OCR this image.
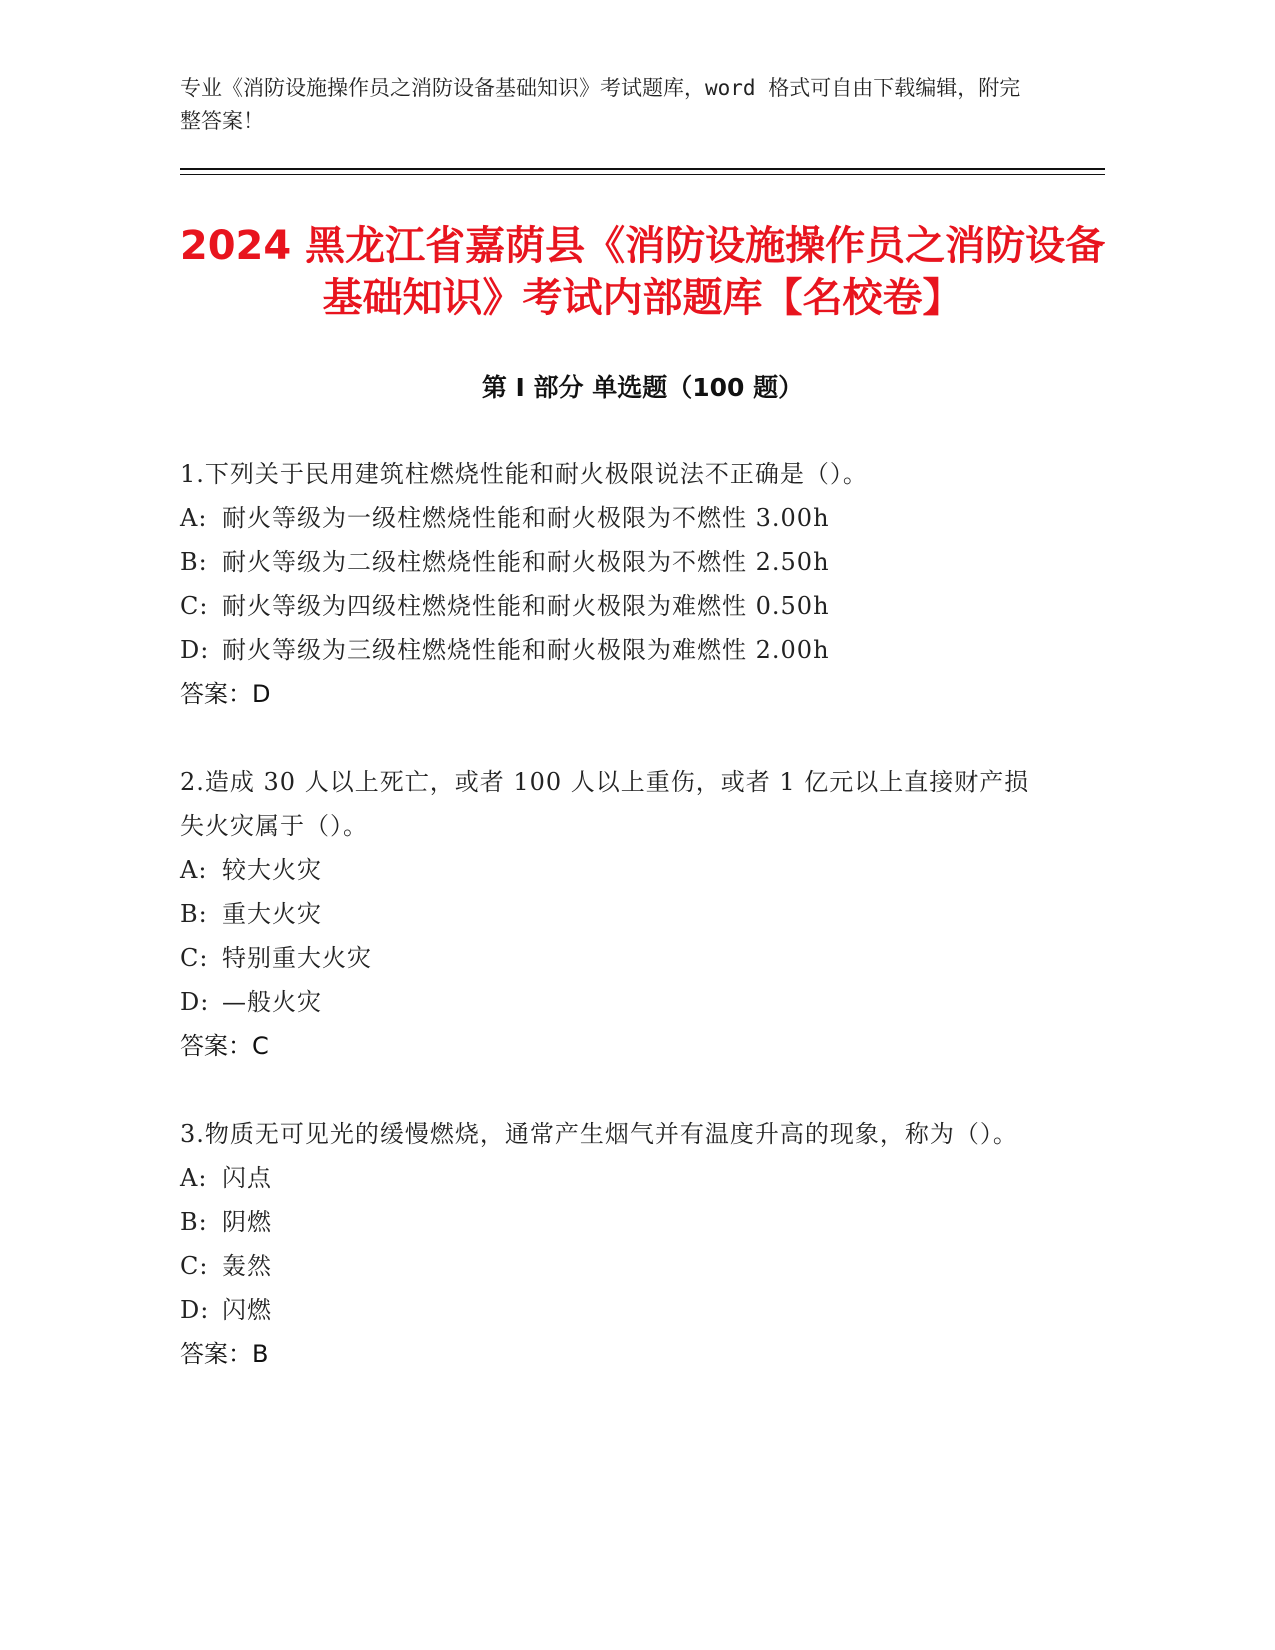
专业《消防设施操作员之消防设备基础知识》考试题库，word 格式可自由下载编辑，附完整答案！
2024 黑龙江省嘉荫县《消防设施操作员之消防设备基础知识》考试内部题库【名校卷】
第 I 部分 单选题（100 题）
1.下列关于民用建筑柱燃烧性能和耐火极限说法不正确是（）。
A: 耐火等级为一级柱燃烧性能和耐火极限为不燃性 3.00h
B: 耐火等级为二级柱燃烧性能和耐火极限为不燃性 2.50h
C: 耐火等级为四级柱燃烧性能和耐火极限为难燃性 0.50h
D: 耐火等级为三级柱燃烧性能和耐火极限为难燃性 2.00h
答案：D
2.造成 30 人以上死亡，或者 100 人以上重伤，或者 1 亿元以上直接财产损失火灾属于（）。
A: 较大火灾
B: 重大火灾
C: 特别重大火灾
D: —般火灾
答案：C
3.物质无可见光的缓慢燃烧，通常产生烟气并有温度升高的现象，称为（）。
A: 闪点
B: 阴燃
C: 轰然
D: 闪燃
答案：B
